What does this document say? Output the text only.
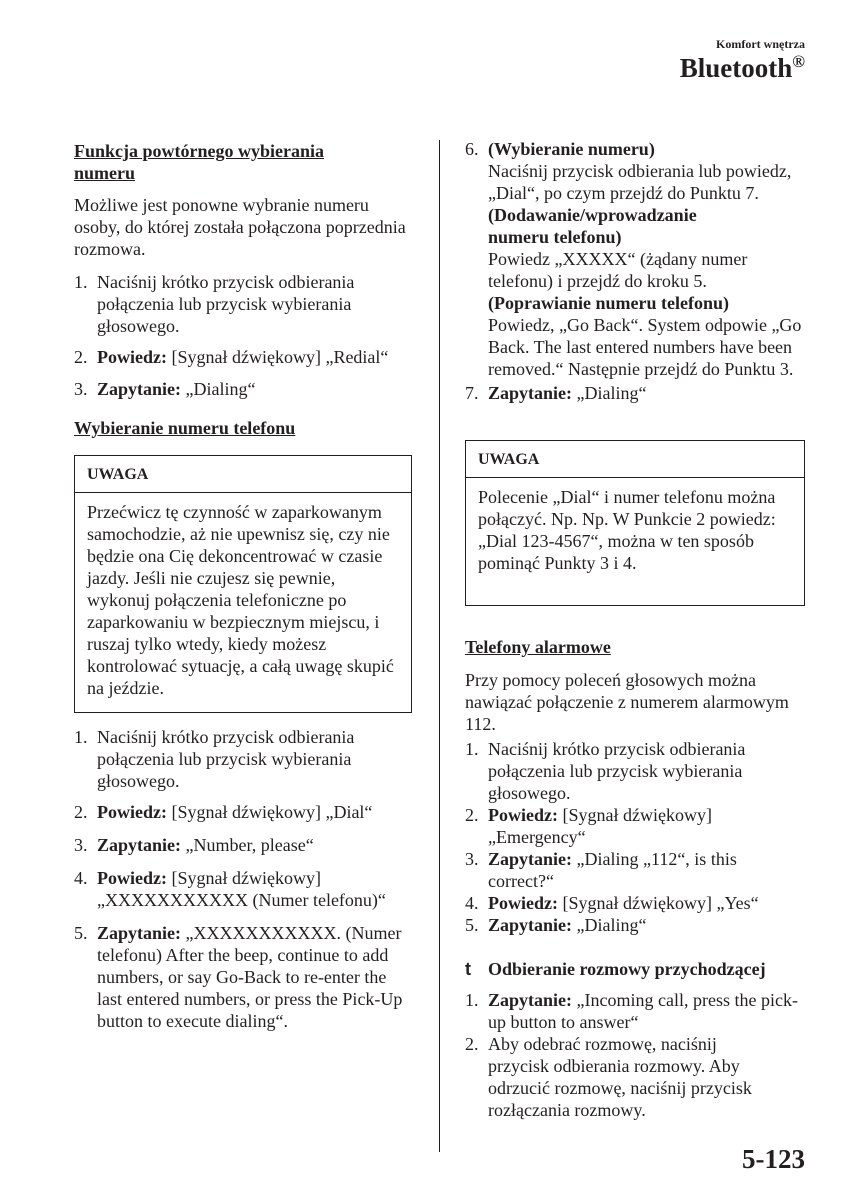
Komfort wnętrza
Bluetooth®
Funkcja powtórnego wybierania numeru
Możliwe jest ponowne wybranie numeru osoby, do której została połączona poprzednia rozmowa.
1. Naciśnij krótko przycisk odbierania połączenia lub przycisk wybierania głosowego.
2. Powiedz: [Sygnał dźwiękowy] „Redial“
3. Zapytanie: „Dialing“
Wybieranie numeru telefonu
UWAGA
Przećwicz tę czynność w zaparkowanym samochodzie, aż nie upewnisz się, czy nie będzie ona Cię dekoncentrować w czasie jazdy. Jeśli nie czujesz się pewnie, wykonuj połączenia telefoniczne po zaparkowaniu w bezpiecznym miejscu, i ruszaj tylko wtedy, kiedy możesz kontrolować sytuację, a całą uwagę skupić na jeździe.
1. Naciśnij krótko przycisk odbierania połączenia lub przycisk wybierania głosowego.
2. Powiedz: [Sygnał dźwiękowy] „Dial“
3. Zapytanie: „Number, please“
4. Powiedz: [Sygnał dźwiękowy] „XXXXXXXXXXX (Numer telefonu)“
5. Zapytanie: „XXXXXXXXXXX. (Numer telefonu) After the beep, continue to add numbers, or say Go-Back to re-enter the last entered numbers, or press the Pick-Up button to execute dialing“.
6. (Wybieranie numeru)
Naciśnij przycisk odbierania lub powiedz, „Dial“, po czym przejdź do Punktu 7.
(Dodawanie/wprowadzanie numeru telefonu)
Powiedz „XXXXX“ (żądany numer telefonu) i przejdź do kroku 5.
(Poprawianie numeru telefonu)
Powiedz, „Go Back“. System odpowie „Go Back. The last entered numbers have been removed.“ Następnie przejdź do Punktu 3.
7. Zapytanie: „Dialing“
UWAGA
Polecenie „Dial“ i numer telefonu można połączyć. Np. Np. W Punkcie 2 powiedz: „Dial 123-4567“, można w ten sposób pominąć Punkty 3 i 4.
Telefony alarmowe
Przy pomocy poleceń głosowych można nawiązać połączenie z numerem alarmowym 112.
1. Naciśnij krótko przycisk odbierania połączenia lub przycisk wybierania głosowego.
2. Powiedz: [Sygnał dźwiękowy] „Emergency“
3. Zapytanie: „Dialing „112“, is this correct?“
4. Powiedz: [Sygnał dźwiękowy] „Yes“
5. Zapytanie: „Dialing“
t Odbieranie rozmowy przychodzącej
1. Zapytanie: „Incoming call, press the pick-up button to answer“
2. Aby odebrać rozmowę, naciśnij przycisk odbierania rozmowy. Aby odrzucić rozmowę, naciśnij przycisk rozłączania rozmowy.
5-123
